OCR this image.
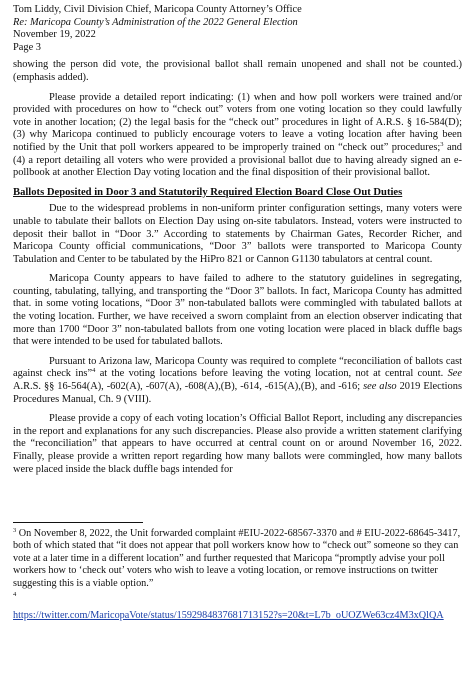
Tom Liddy, Civil Division Chief, Maricopa County Attorney’s Office
Re: Maricopa County’s Administration of the 2022 General Election
November 19, 2022
Page 3

showing the person did vote, the provisional ballot shall remain unopened and shall not be counted.) (emphasis added).

Please provide a detailed report indicating: (1) when and how poll workers were trained and/or provided with procedures on how to “check out” voters from one voting location so they could lawfully vote in another location; (2) the legal basis for the “check out” procedures in light of A.R.S. § 16-584(D); (3) why Maricopa continued to publicly encourage voters to leave a voting location after having been notified by the Unit that poll workers appeared to be improperly trained on “check out” procedures;$^3$ and (4) a report detailing all voters who were provided a provisional ballot due to having already signed an e-pollbook at another Election Day voting location and the final disposition of their provisional ballot.

Ballots Deposited in Door 3 and Statutorily Required Election Board Close Out Duties

Due to the widespread problems in non-uniform printer configuration settings, many voters were unable to tabulate their ballots on Election Day using on-site tabulators. Instead, voters were instructed to deposit their ballot in “Door 3.” According to statements by Chairman Gates, Recorder Richer, and Maricopa County official communications, “Door 3” ballots were transported to Maricopa County Tabulation and Center to be tabulated by the HiPro 821 or Cannon G1130 tabulators at central count.

Maricopa County appears to have failed to adhere to the statutory guidelines in segregating, counting, tabulating, tallying, and transporting the “Door 3” ballots. In fact, Maricopa County has admitted that. in some voting locations, “Door 3” non-tabulated ballots were commingled with tabulated ballots at the voting location. Further, we have received a sworn complaint from an election observer indicating that more than 1700 “Door 3” non-tabulated ballots from one voting location were placed in black duffle bags that were intended to be used for tabulated ballots.

Pursuant to Arizona law, Maricopa County was required to complete “reconciliation of ballots cast against check ins”$^4$ at the voting locations before leaving the voting location, not at central count. See A.R.S. §§ 16-564(A), -602(A), -607(A), -608(A),(B), -614, -615(A),(B), and -616; see also 2019 Elections Procedures Manual, Ch. 9 (VIII).

Please provide a copy of each voting location’s Official Ballot Report, including any discrepancies in the report and explanations for any such discrepancies. Please also provide a written statement clarifying the “reconciliation” that appears to have occurred at central count on or around November 16, 2022. Finally, please provide a written report regarding how many ballots were commingled, how many ballots were placed inside the black duffle bags intended for

$^3$ On November 8, 2022, the Unit forwarded complaint #EIU-2022-68567-3370 and # EIU-2022-68645-3417, both of which stated that “it does not appear that poll workers know how to “check out” someone so they can vote at a later time in a different location” and further requested that Maricopa “promptly advise your poll workers how to ‘check out’ voters who wish to leave a voting location, or remove instructions on twitter suggesting this is a viable option.”

$^4$
https://twitter.com/MaricopaVote/status/1592984837681713152?s=20&t=L7b_oUOZWe63cz4M3xQlQA
